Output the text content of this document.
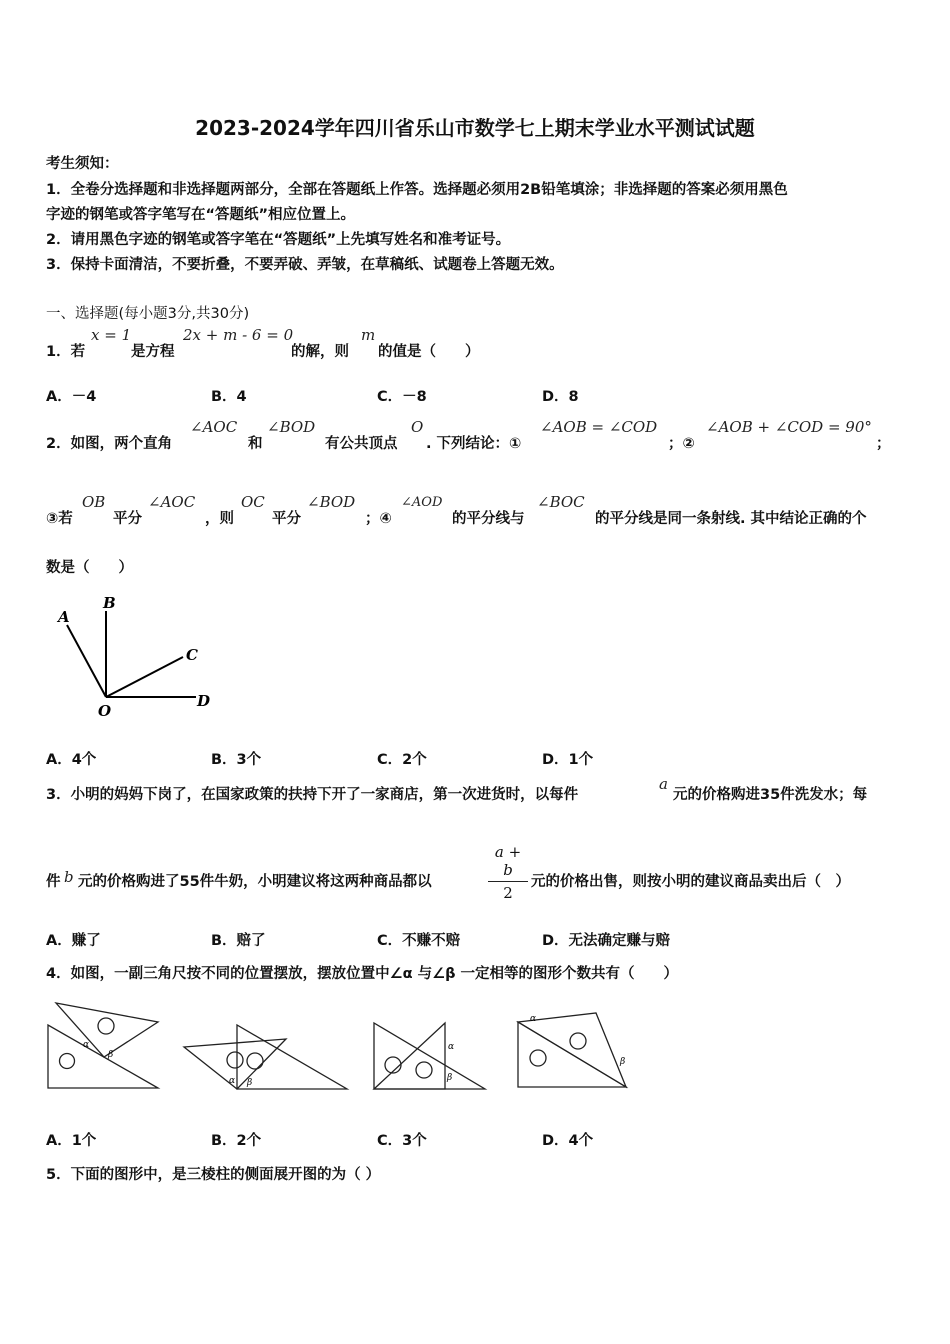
2023-2024学年四川省乐山市数学七上期末学业水平测试试题
考生须知：
1．全卷分选择题和非选择题两部分，全部在答题纸上作答。选择题必须用2B铅笔填涂；非选择题的答案必须用黑色
字迹的钢笔或答字笔写在“答题纸”相应位置上。
2．请用黑色字迹的钢笔或答字笔在“答题纸”上先填写姓名和准考证号。
3．保持卡面清洁，不要折叠，不要弄破、弄皱，在草稿纸、试题卷上答题无效。
一、选择题(每小题3分,共30分)
1．若
x = 1
是方程
2x + m - 6 = 0
的解，则
m
的值是（　　）
A．－4	B．4	C．－8	D．8
2．如图，两个直角
∠AOC
和
∠BOD
有公共顶点
O
. 下列结论：①
∠AOB = ∠COD
；②
∠AOB + ∠COD = 90°
；
③若
OB
平分
∠AOC
，则
OC
平分
∠BOD
；④
∠AOD
的平分线与
∠BOC
的平分线是同一条射线. 其中结论正确的个
数是（　　）
A
B
C
D
O
A．4个	B．3个	C．2个	D．1个
3．小明的妈妈下岗了，在国家政策的扶持下开了一家商店，第一次进货时，以每件
a
元的价格购进35件洗发水；每
件 b 元的价格购进了55件牛奶，小明建议将这两种商品都以
a + b
2
元的价格出售，则按小明的建议商品卖出后（　）
A．赚了	B．赔了	C．不赚不赔	D．无法确定赚与赔
4．如图，一副三角尺按不同的位置摆放，摆放位置中∠α 与∠β 一定相等的图形个数共有（　　）
α
β
α β
α
β
α
β
A．1个	B．2个	C．3个	D．4个
5．下面的图形中，是三棱柱的侧面展开图的为（ ）
